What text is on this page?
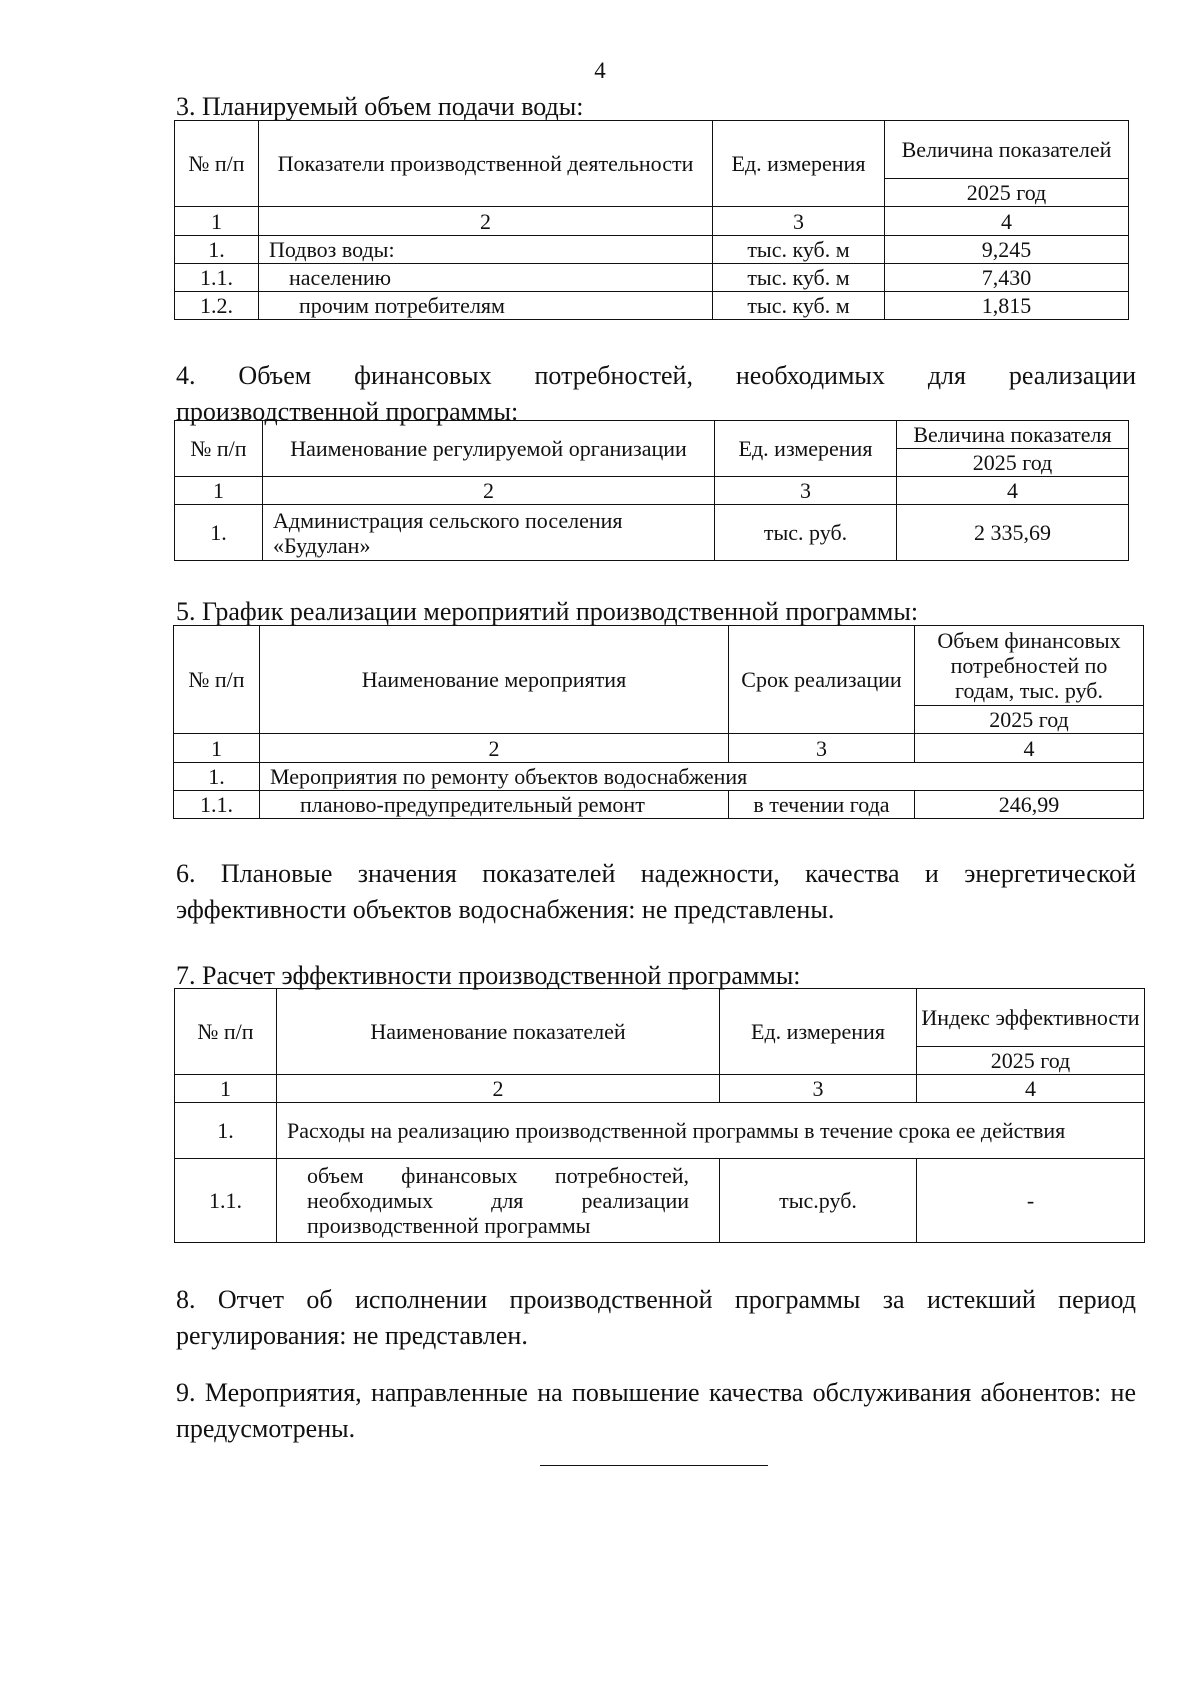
4

3. Планируемый объем подачи воды:

№ п/п	Показатели производственной деятельности	Ед. измерения	Величина показателей
			2025 год
1	2	3	4
1.	Подвоз воды:	тыс. куб. м	9,245
1.1.	населению	тыс. куб. м	7,430
1.2.	прочим потребителям	тыс. куб. м	1,815

4. Объем финансовых потребностей, необходимых для реализации
производственной программы:

№ п/п	Наименование регулируемой организации	Ед. измерения	Величина показателя
			2025 год
1	2	3	4
1.	Администрация сельского поселения «Будулан»	тыс. руб.	2 335,69

5. График реализации мероприятий производственной программы:

№ п/п	Наименование мероприятия	Срок реализации	Объем финансовых потребностей по годам, тыс. руб.
			2025 год
1	2	3	4
1.	Мероприятия по ремонту объектов водоснабжения		
1.1.	планово-предупредительный ремонт	в течении года	246,99

6. Плановые значения показателей надежности, качества и энергетической эффективности объектов водоснабжения: не представлены.

7. Расчет эффективности производственной программы:

№ п/п	Наименование показателей	Ед. измерения	Индекс эффективности
			2025 год
1	2	3	4
1.	Расходы на реализацию производственной программы в течение срока ее действия		
1.1.	объем финансовых потребностей, необходимых для реализации производственной программы	тыс.руб.	-

8. Отчет об исполнении производственной программы за истекший период регулирования: не представлен.

9. Мероприятия, направленные на повышение качества обслуживания абонентов: не предусмотрены.
